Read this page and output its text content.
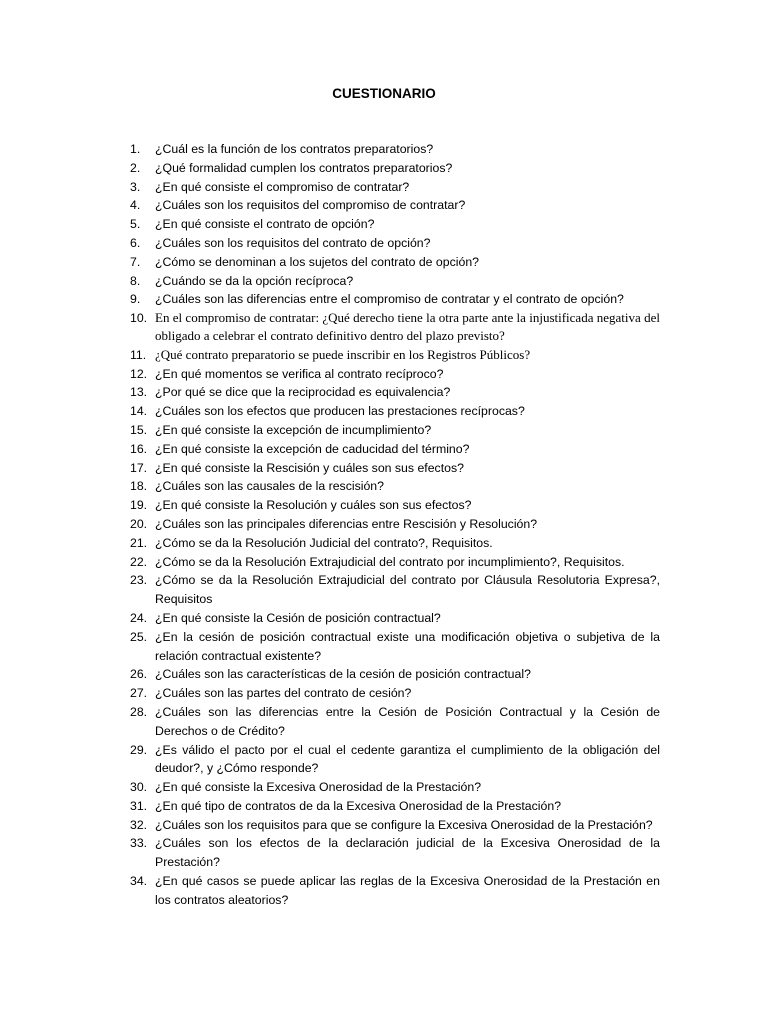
CUESTIONARIO
1.	¿Cuál es la función de los contratos preparatorios?
2.	¿Qué formalidad cumplen los contratos preparatorios?
3.	¿En qué consiste el compromiso de contratar?
4.	¿Cuáles son los requisitos del compromiso de contratar?
5.	¿En qué consiste el contrato de opción?
6.	¿Cuáles son los requisitos del contrato de opción?
7.	¿Cómo se denominan a los sujetos del contrato de opción?
8.	¿Cuándo se da la opción recíproca?
9.	¿Cuáles son las diferencias entre el compromiso de contratar y el contrato de opción?
10. En el compromiso de contratar: ¿Qué derecho tiene la otra parte ante la injustificada negativa del obligado a celebrar el contrato definitivo dentro del plazo previsto?
11. ¿Qué contrato preparatorio se puede inscribir en los Registros Públicos?
12. ¿En qué momentos se verifica al contrato recíproco?
13. ¿Por qué se dice que la reciprocidad es equivalencia?
14. ¿Cuáles son los efectos que producen las prestaciones recíprocas?
15. ¿En qué consiste la excepción de incumplimiento?
16. ¿En qué consiste la excepción de caducidad del término?
17. ¿En qué consiste la Rescisión y cuáles son sus efectos?
18. ¿Cuáles son las causales de la rescisión?
19. ¿En qué consiste la Resolución y cuáles son sus efectos?
20. ¿Cuáles son las principales diferencias entre Rescisión y Resolución?
21. ¿Cómo se da la Resolución Judicial del contrato?, Requisitos.
22. ¿Cómo se da la Resolución Extrajudicial del contrato por incumplimiento?, Requisitos.
23. ¿Cómo se da la Resolución Extrajudicial del contrato por Cláusula Resolutoria Expresa?, Requisitos
24. ¿En qué consiste la Cesión de posición contractual?
25. ¿En la cesión de posición contractual existe una modificación objetiva o subjetiva de la relación contractual existente?
26. ¿Cuáles son las características de la cesión de posición contractual?
27. ¿Cuáles son las partes del contrato de cesión?
28. ¿Cuáles son las diferencias entre la Cesión de Posición Contractual y la Cesión de Derechos o de Crédito?
29. ¿Es válido el pacto por el cual el cedente garantiza el cumplimiento de la obligación del deudor?, y ¿Cómo responde?
30. ¿En qué consiste la Excesiva Onerosidad de la Prestación?
31. ¿En qué tipo de contratos de da la Excesiva Onerosidad de la Prestación?
32. ¿Cuáles son los requisitos para que se configure la Excesiva Onerosidad de la Prestación?
33. ¿Cuáles son los efectos de la declaración judicial de la Excesiva Onerosidad de la Prestación?
34. ¿En qué casos se puede aplicar las reglas de la Excesiva Onerosidad de la Prestación en los contratos aleatorios?
